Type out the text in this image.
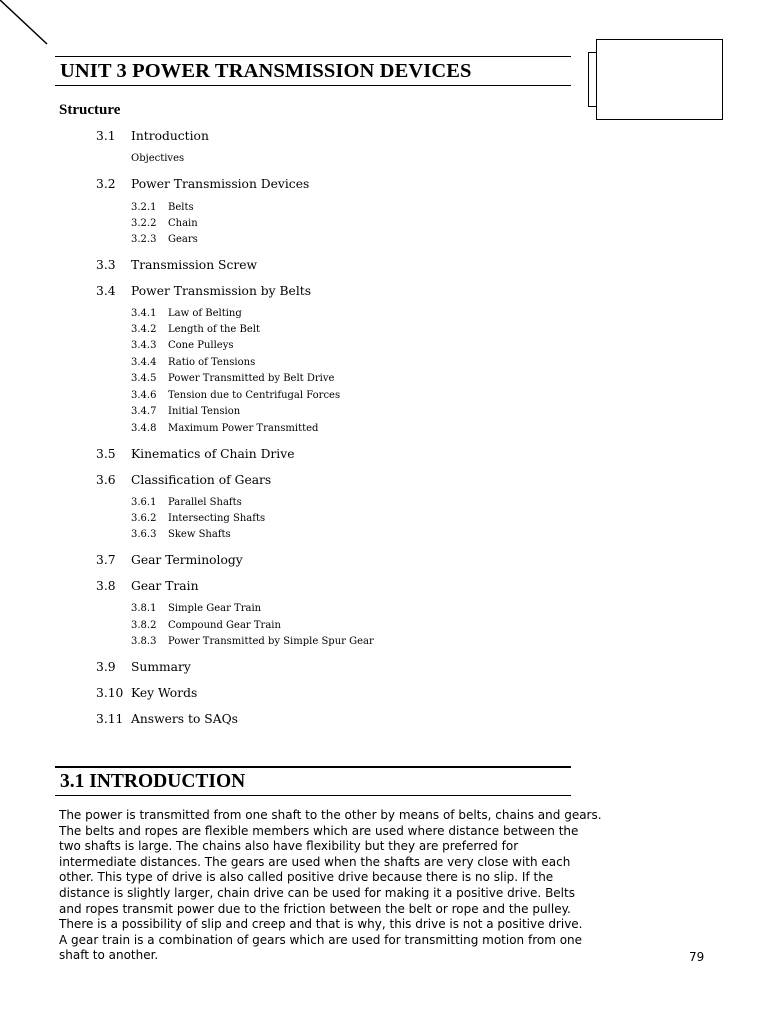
UNIT 3 POWER TRANSMISSION DEVICES
Structure
3.1 Introduction
Objectives
3.2 Power Transmission Devices
3.2.1 Belts
3.2.2 Chain
3.2.3 Gears
3.3 Transmission Screw
3.4 Power Transmission by Belts
3.4.1 Law of Belting
3.4.2 Length of the Belt
3.4.3 Cone Pulleys
3.4.4 Ratio of Tensions
3.4.5 Power Transmitted by Belt Drive
3.4.6 Tension due to Centrifugal Forces
3.4.7 Initial Tension
3.4.8 Maximum Power Transmitted
3.5 Kinematics of Chain Drive
3.6 Classification of Gears
3.6.1 Parallel Shafts
3.6.2 Intersecting Shafts
3.6.3 Skew Shafts
3.7 Gear Terminology
3.8 Gear Train
3.8.1 Simple Gear Train
3.8.2 Compound Gear Train
3.8.3 Power Transmitted by Simple Spur Gear
3.9 Summary
3.10 Key Words
3.11 Answers to SAQs
3.1 INTRODUCTION
The power is transmitted from one shaft to the other by means of belts, chains and gears.
The belts and ropes are flexible members which are used where distance between the
two shafts is large. The chains also have flexibility but they are preferred for
intermediate distances. The gears are used when the shafts are very close with each
other. This type of drive is also called positive drive because there is no slip. If the
distance is slightly larger, chain drive can be used for making it a positive drive. Belts
and ropes transmit power due to the friction between the belt or rope and the pulley.
There is a possibility of slip and creep and that is why, this drive is not a positive drive.
A gear train is a combination of gears which are used for transmitting motion from one
shaft to another.	79
